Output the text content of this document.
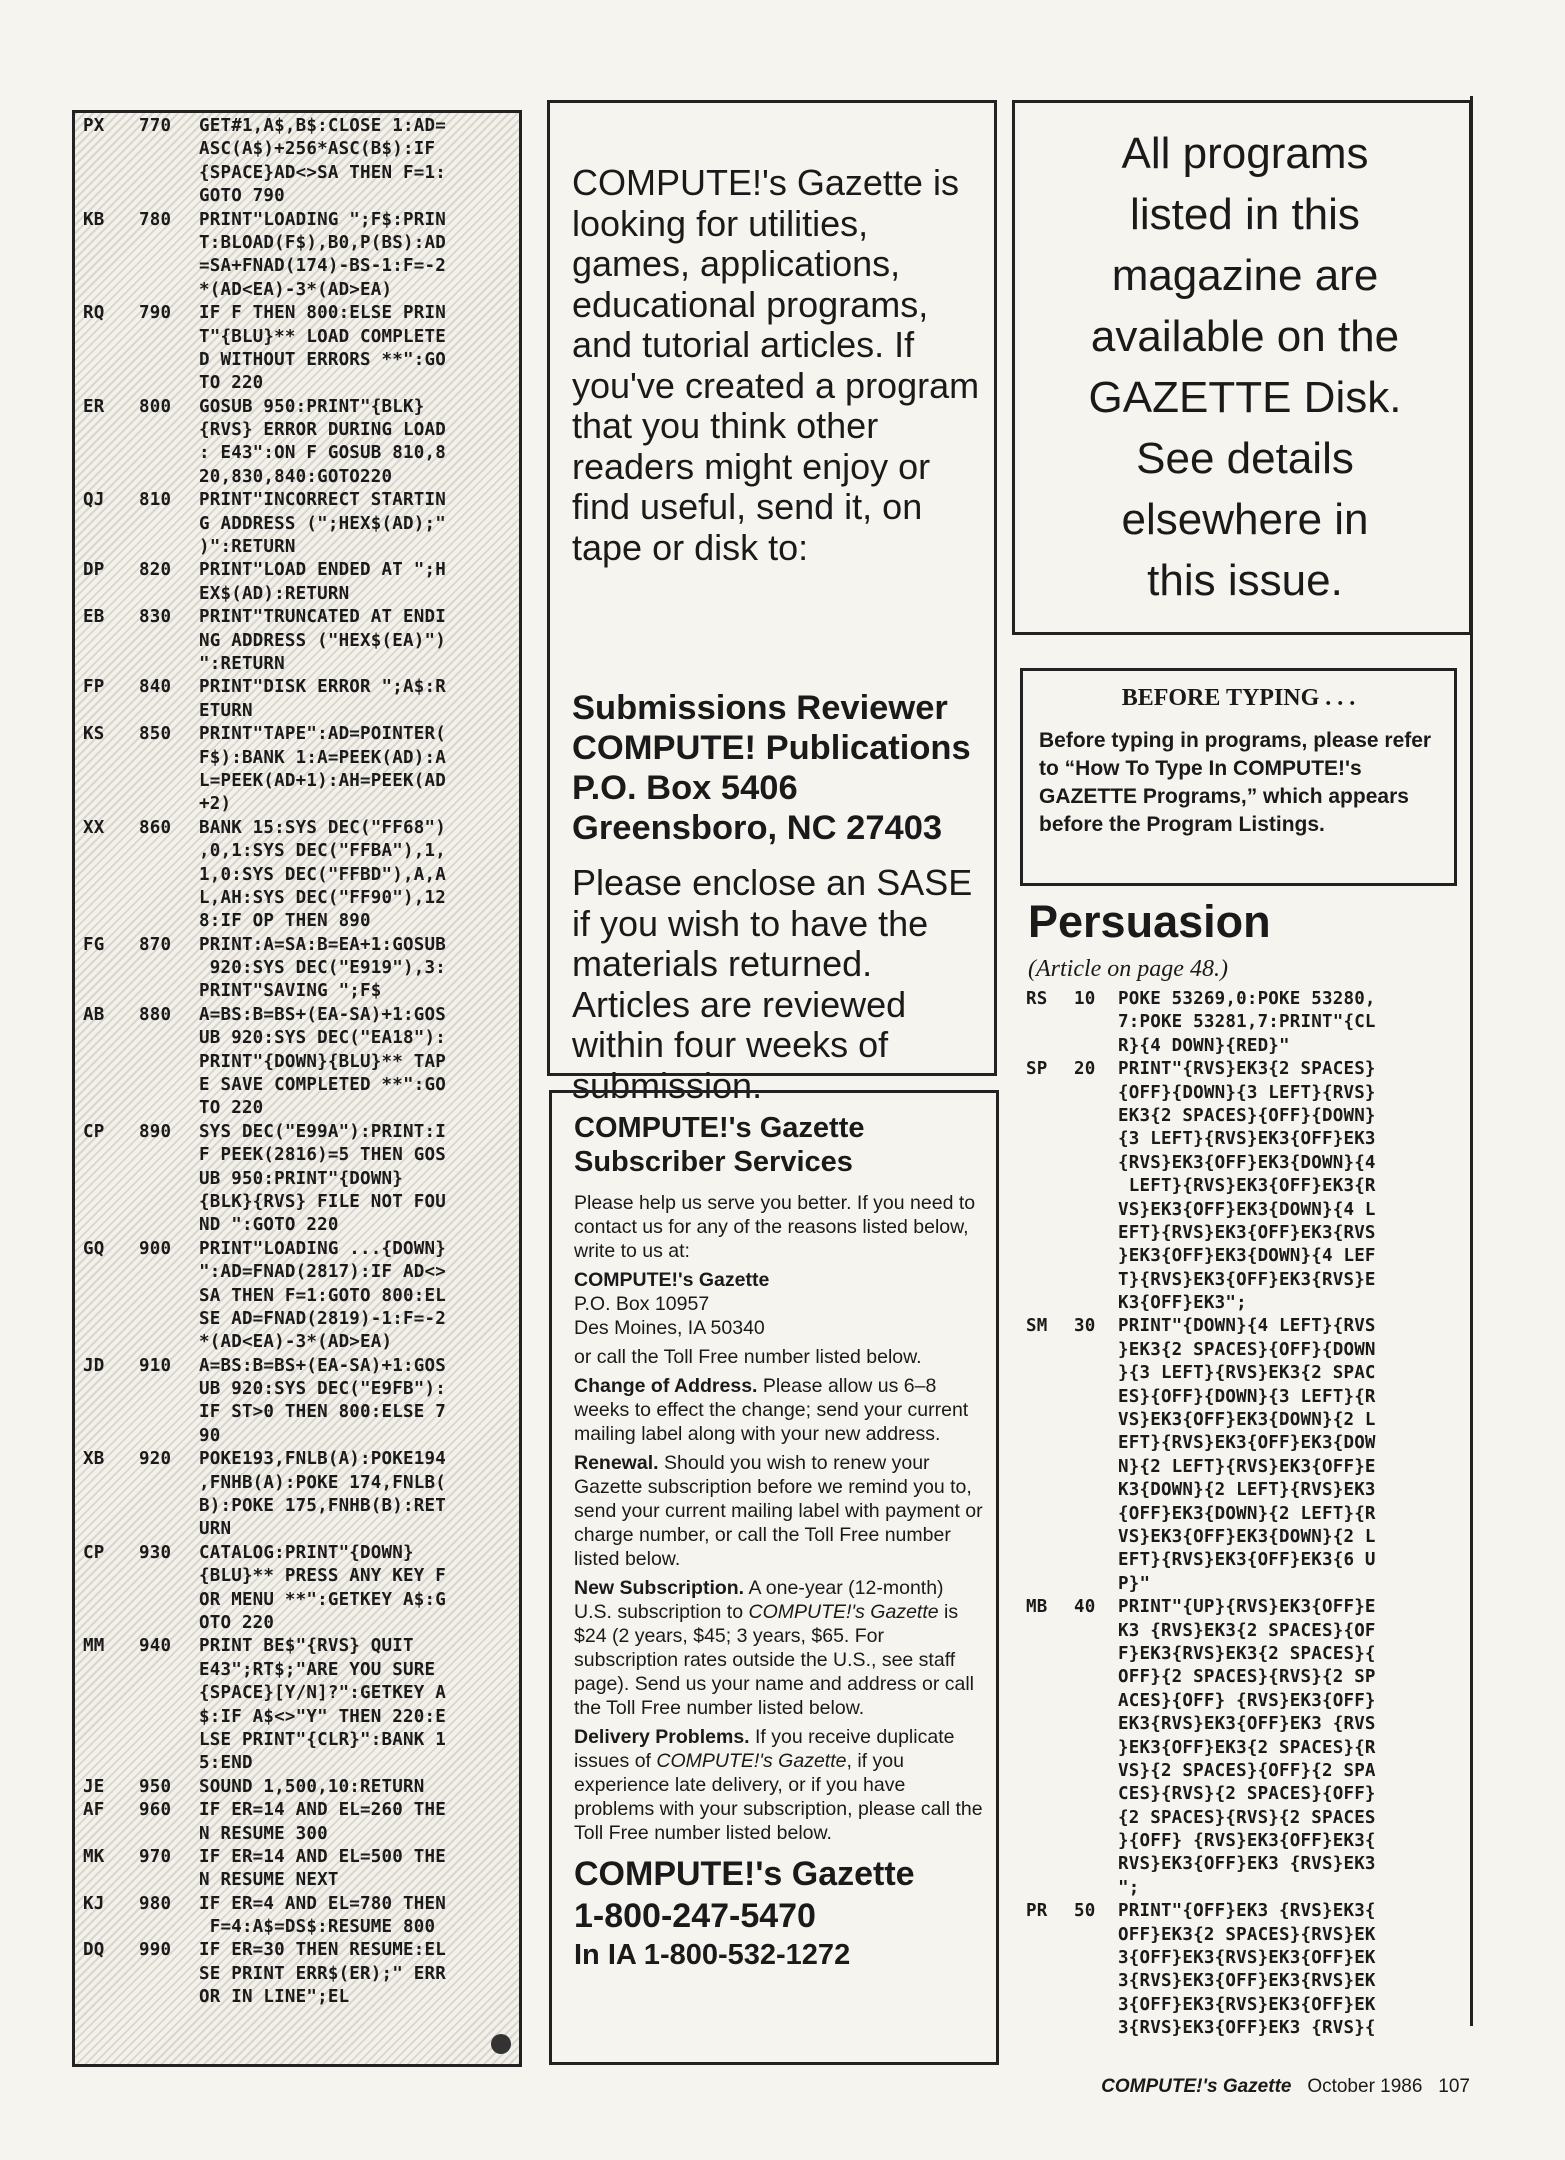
PX	770	GET#1,A$,B$:CLOSE 1:AD=
ASC(A$)+256*ASC(B$):IF
{SPACE}AD<>SA THEN F=1:
GOTO 790
KB	780	PRINT"LOADING ";F$:PRIN
T:BLOAD(F$),B0,P(BS):AD
=SA+FNAD(174)-BS-1:F=-2
*(AD<EA)-3*(AD>EA)
RQ	790	IF F THEN 800:ELSE PRIN
T"{BLU}** LOAD COMPLETE
D WITHOUT ERRORS **":GO
TO 220
ER	800	GOSUB 950:PRINT"{BLK}
{RVS} ERROR DURING LOAD
: E43":ON F GOSUB 810,8
20,830,840:GOTO220
QJ	810	PRINT"INCORRECT STARTIN
G ADDRESS (";HEX$(AD);"
)":RETURN
DP	820	PRINT"LOAD ENDED AT ";H
EX$(AD):RETURN
EB	830	PRINT"TRUNCATED AT ENDI
NG ADDRESS ("HEX$(EA)")
":RETURN
FP	840	PRINT"DISK ERROR ";A$:R
ETURN
KS	850	PRINT"TAPE":AD=POINTER(
F$):BANK 1:A=PEEK(AD):A
L=PEEK(AD+1):AH=PEEK(AD
+2)
XX	860	BANK 15:SYS DEC("FF68")
,0,1:SYS DEC("FFBA"),1,
1,0:SYS DEC("FFBD"),A,A
L,AH:SYS DEC("FF90"),12
8:IF OP THEN 890
FG	870	PRINT:A=SA:B=EA+1:GOSUB
920:SYS DEC("E919"),3:
PRINT"SAVING ";F$
AB	880	A=BS:B=BS+(EA-SA)+1:GOS
UB 920:SYS DEC("EA18"):
PRINT"{DOWN}{BLU}** TAP
E SAVE COMPLETED **":GO
TO 220
CP	890	SYS DEC("E99A"):PRINT:I
F PEEK(2816)=5 THEN GOS
UB 950:PRINT"{DOWN}
{BLK}{RVS} FILE NOT FOU
ND ":GOTO 220
GQ	900	PRINT"LOADING ...{DOWN}
":AD=FNAD(2817):IF AD<>
SA THEN F=1:GOTO 800:EL
SE AD=FNAD(2819)-1:F=-2
*(AD<EA)-3*(AD>EA)
JD	910	A=BS:B=BS+(EA-SA)+1:GOS
UB 920:SYS DEC("E9FB"):
IF ST>0 THEN 800:ELSE 7
90
XB	920	POKE193,FNLB(A):POKE194
,FNHB(A):POKE 174,FNLB(
B):POKE 175,FNHB(B):RET
URN
CP	930	CATALOG:PRINT"{DOWN}
{BLU}** PRESS ANY KEY F
OR MENU **":GETKEY A$:G
OTO 220
MM	940	PRINT BE$"{RVS} QUIT
E43";RT$;"ARE YOU SURE
{SPACE}[Y/N]?":GETKEY A
$:IF A$<>"Y" THEN 220:E
LSE PRINT"{CLR}":BANK 1
5:END
JE	950	SOUND 1,500,10:RETURN
AF	960	IF ER=14 AND EL=260 THE
N RESUME 300
MK	970	IF ER=14 AND EL=500 THE
N RESUME NEXT
KJ	980	IF ER=4 AND EL=780 THEN
F=4:A$=DS$:RESUME 800
DQ	990	IF ER=30 THEN RESUME:EL
SE PRINT ERR$(ER);" ERR
OR IN LINE";EL
COMPUTE!'s Gazette is looking for utilities, games, applications, educational programs, and tutorial articles. If you've created a program that you think other readers might enjoy or find useful, send it, on tape or disk to:
Submissions Reviewer
COMPUTE! Publications
P.O. Box 5406
Greensboro, NC 27403
Please enclose an SASE if you wish to have the materials returned. Articles are reviewed within four weeks of submission.
COMPUTE!'s Gazette
Subscriber Services

Please help us serve you better. If you need to contact us for any of the reasons listed below, write to us at:

COMPUTE!'s Gazette
P.O. Box 10957
Des Moines, IA 50340

or call the Toll Free number listed below.

Change of Address. Please allow us 6–8 weeks to effect the change; send your current mailing label along with your new address.

Renewal. Should you wish to renew your Gazette subscription before we remind you to, send your current mailing label with payment or charge number, or call the Toll Free number listed below.

New Subscription. A one-year (12-month) U.S. subscription to COMPUTE!'s Gazette is $24 (2 years, $45; 3 years, $65. For subscription rates outside the U.S., see staff page). Send us your name and address or call the Toll Free number listed below.

Delivery Problems. If you receive duplicate issues of COMPUTE!'s Gazette, if you experience late delivery, or if you have problems with your subscription, please call the Toll Free number listed below.

COMPUTE!'s Gazette
1-800-247-5470
In IA 1-800-532-1272
All programs
listed in this
magazine are
available on the
GAZETTE Disk.
See details
elsewhere in
this issue.
BEFORE TYPING . . .
Before typing in programs, please refer to “How To Type In COMPUTE!'s GAZETTE Programs,” which appears before the Program Listings.
Persuasion
(Article on page 48.)
RS	10	POKE 53269,0:POKE 53280,
7:POKE 53281,7:PRINT"{CL
R}{4 DOWN}{RED}"
SP	20	PRINT"{RVS}EK3{2 SPACES}
{OFF}{DOWN}{3 LEFT}{RVS}
EK3{2 SPACES}{OFF}{DOWN}
{3 LEFT}{RVS}EK3{OFF}EK3
{RVS}EK3{OFF}EK3{DOWN}{4
LEFT}{RVS}EK3{OFF}EK3{R
VS}EK3{OFF}EK3{DOWN}{4 L
EFT}{RVS}EK3{OFF}EK3{RVS
}EK3{OFF}EK3{DOWN}{4 LEF
T}{RVS}EK3{OFF}EK3{RVS}E
K3{OFF}EK3";
SM	30	PRINT"{DOWN}{4 LEFT}{RVS
}EK3{2 SPACES}{OFF}{DOWN
}{3 LEFT}{RVS}EK3{2 SPAC
ES}{OFF}{DOWN}{3 LEFT}{R
VS}EK3{OFF}EK3{DOWN}{2 L
EFT}{RVS}EK3{OFF}EK3{DOW
N}{2 LEFT}{RVS}EK3{OFF}E
K3{DOWN}{2 LEFT}{RVS}EK3
{OFF}EK3{DOWN}{2 LEFT}{R
VS}EK3{OFF}EK3{DOWN}{2 L
EFT}{RVS}EK3{OFF}EK3{6 U
P}"
MB	40	PRINT"{UP}{RVS}EK3{OFF}E
K3 {RVS}EK3{2 SPACES}{OF
F}EK3{RVS}EK3{2 SPACES}{
OFF}{2 SPACES}{RVS}{2 SP
ACES}{OFF} {RVS}EK3{OFF}
EK3{RVS}EK3{OFF}EK3 {RVS
}EK3{OFF}EK3{2 SPACES}{R
VS}{2 SPACES}{OFF}{2 SPA
CES}{RVS}{2 SPACES}{OFF}
{2 SPACES}{RVS}{2 SPACES
}{OFF} {RVS}EK3{OFF}EK3{
RVS}EK3{OFF}EK3 {RVS}EK3
";
PR	50	PRINT"{OFF}EK3 {RVS}EK3{
OFF}EK3{2 SPACES}{RVS}EK
3{OFF}EK3{RVS}EK3{OFF}EK
3{RVS}EK3{OFF}EK3{RVS}EK
3{OFF}EK3{RVS}EK3{OFF}EK
3{RVS}EK3{OFF}EK3 {RVS}{
COMPUTE!'s Gazette October 1986 107
